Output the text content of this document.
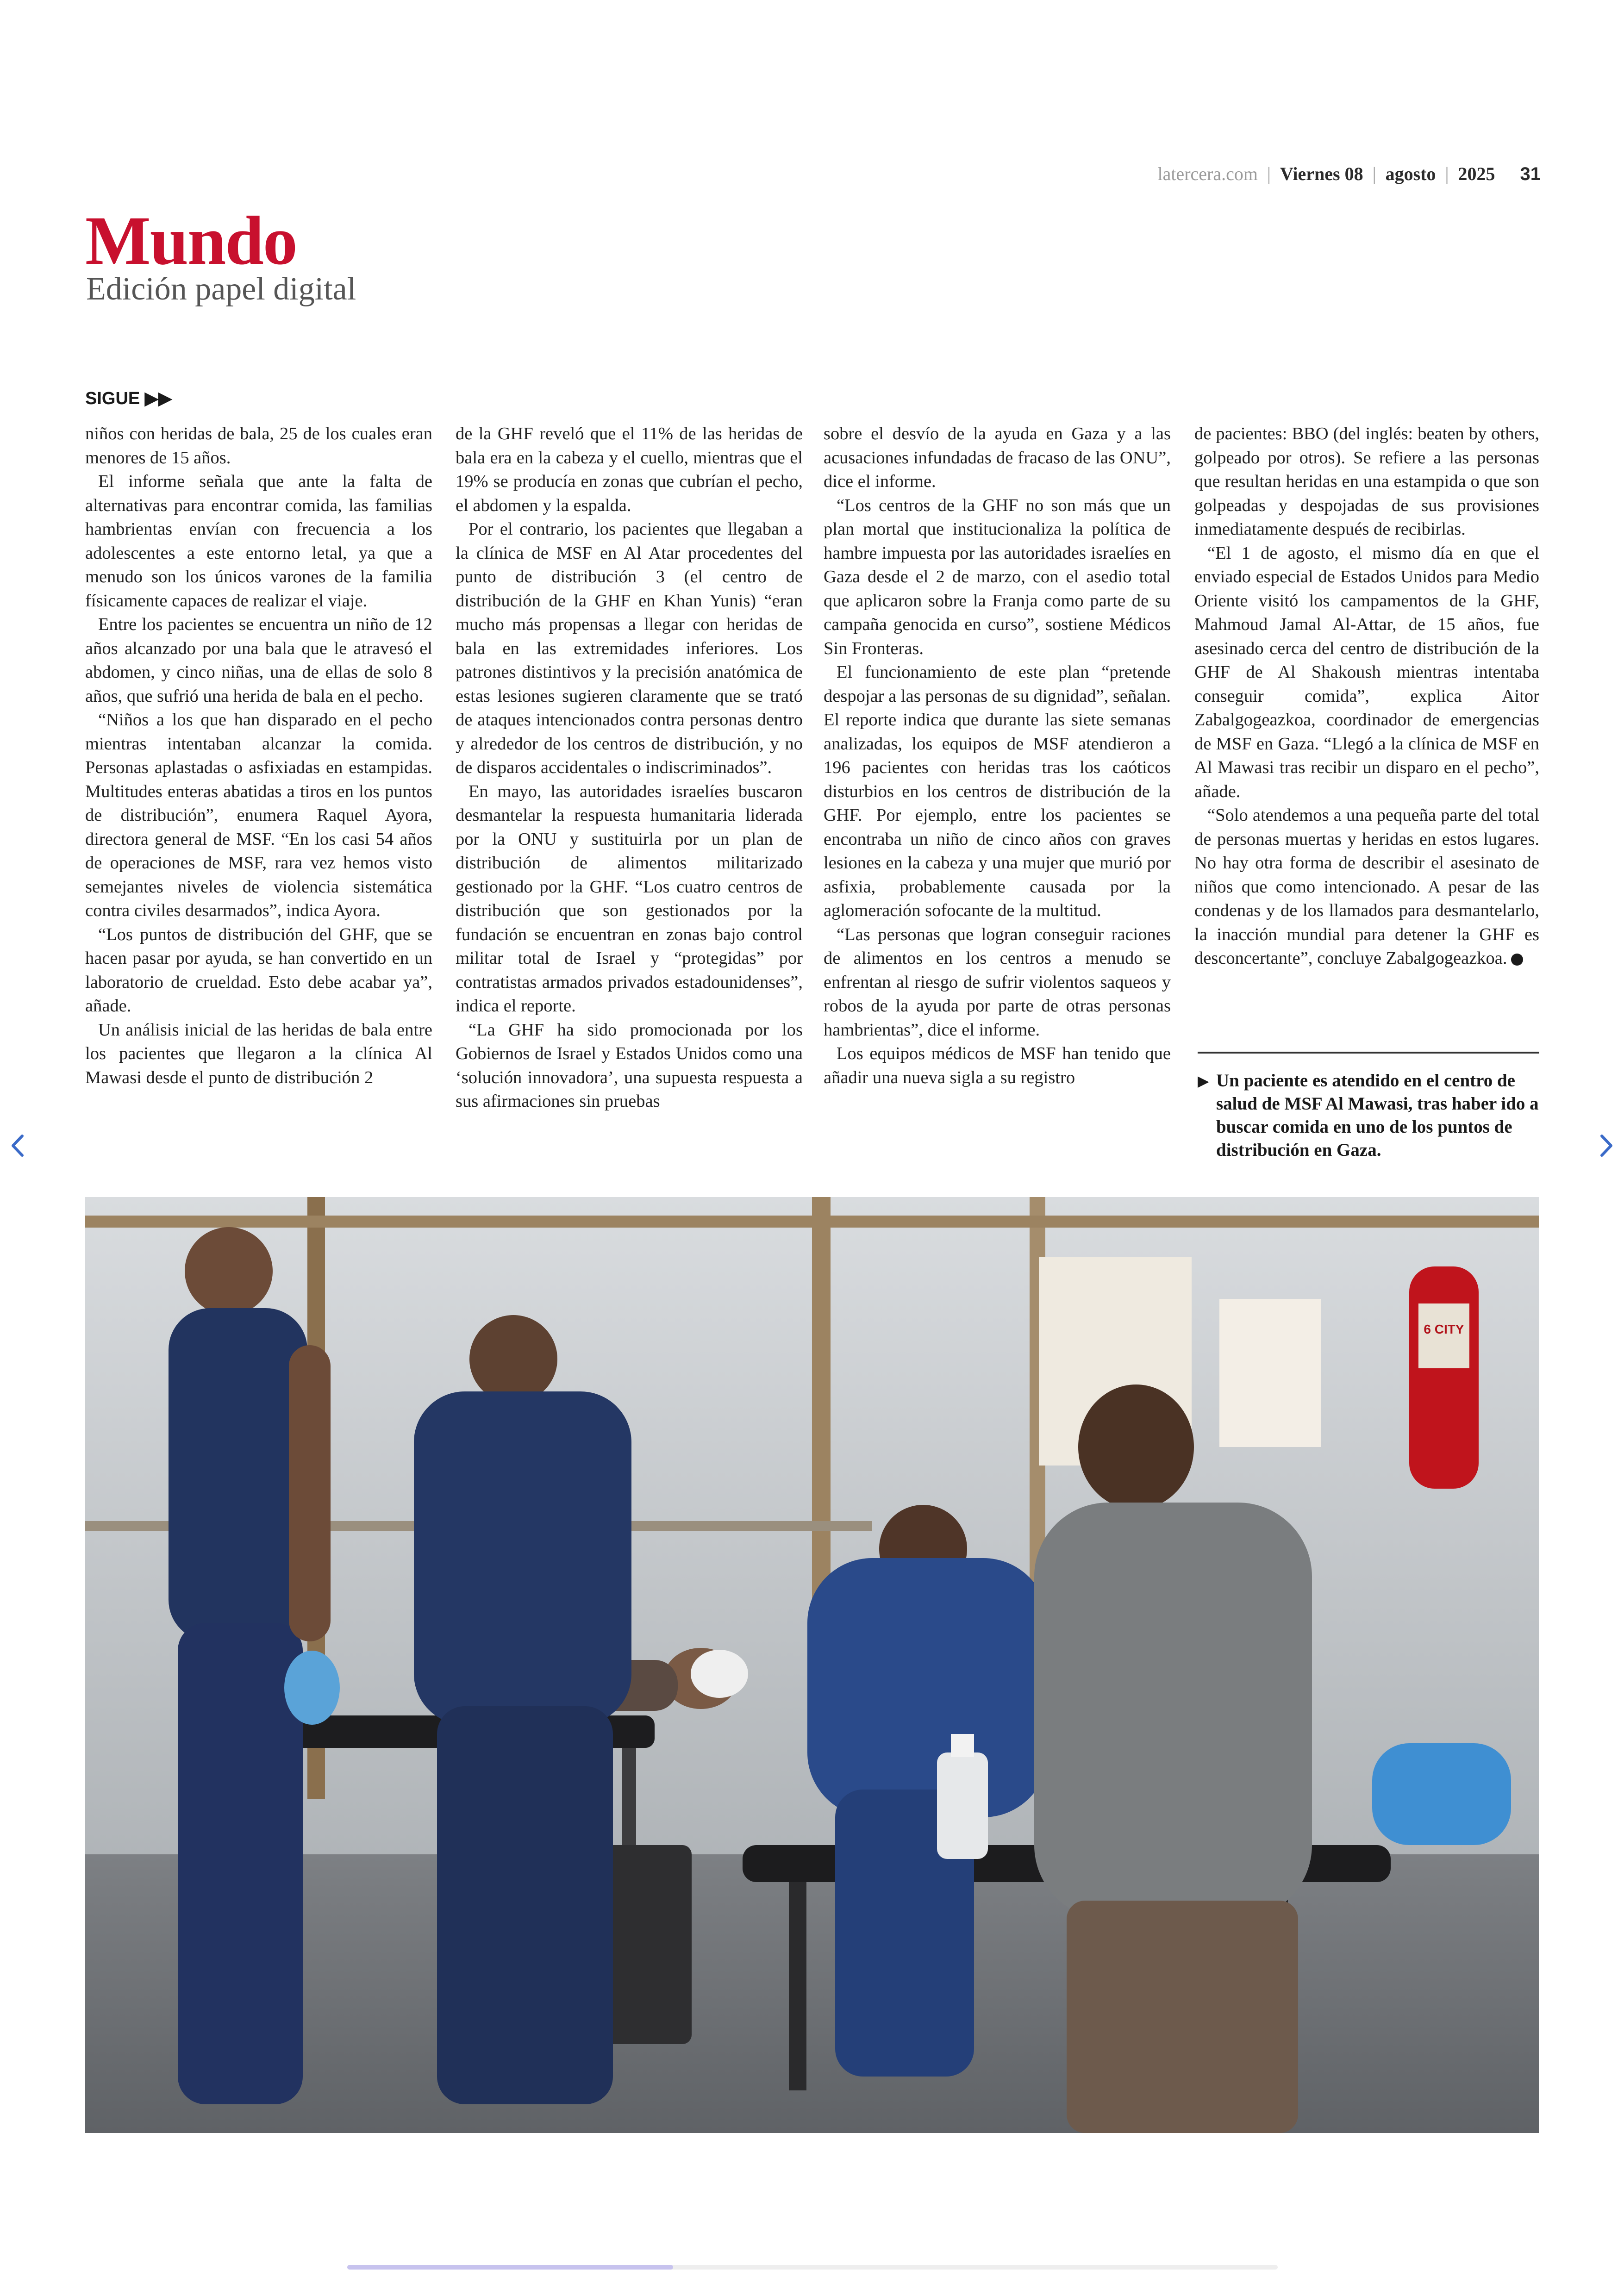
latercera.com | Viernes 08 | agosto | 2025 31
Mundo
Edición papel digital
SIGUE ▶▶

niños con heridas de bala, 25 de los cuales eran menores de 15 años.

El informe señala que ante la falta de alternativas para encontrar comida, las familias hambrientas envían con frecuencia a los adolescentes a este entorno letal, ya que a menudo son los únicos varones de la familia físicamente capaces de realizar el viaje.

Entre los pacientes se encuentra un niño de 12 años alcanzado por una bala que le atravesó el abdomen, y cinco niñas, una de ellas de solo 8 años, que sufrió una herida de bala en el pecho.

“Niños a los que han disparado en el pecho mientras intentaban alcanzar la comida. Personas aplastadas o asfixiadas en estampidas. Multitudes enteras abatidas a tiros en los puntos de distribución”, enumera Raquel Ayora, directora general de MSF. “En los casi 54 años de operaciones de MSF, rara vez hemos visto semejantes niveles de violencia sistemática contra civiles desarmados”, indica Ayora.

“Los puntos de distribución del GHF, que se hacen pasar por ayuda, se han convertido en un laboratorio de crueldad. Esto debe acabar ya”, añade.

Un análisis inicial de las heridas de bala entre los pacientes que llegaron a la clínica Al Mawasi desde el punto de distribución 2

de la GHF reveló que el 11% de las heridas de bala era en la cabeza y el cuello, mientras que el 19% se producía en zonas que cubrían el pecho, el abdomen y la espalda.

Por el contrario, los pacientes que llegaban a la clínica de MSF en Al Atar procedentes del punto de distribución 3 (el centro de distribución de la GHF en Khan Yunis) “eran mucho más propensas a llegar con heridas de bala en las extremidades inferiores. Los patrones distintivos y la precisión anatómica de estas lesiones sugieren claramente que se trató de ataques intencionados contra personas dentro y alrededor de los centros de distribución, y no de disparos accidentales o indiscriminados”.

En mayo, las autoridades israelíes buscaron desmantelar la respuesta humanitaria liderada por la ONU y sustituirla por un plan de distribución de alimentos militarizado gestionado por la GHF. “Los cuatro centros de distribución que son gestionados por la fundación se encuentran en zonas bajo control militar total de Israel y “protegidas” por contratistas armados privados estadounidenses”, indica el reporte.

“La GHF ha sido promocionada por los Gobiernos de Israel y Estados Unidos como una ‘solución innovadora’, una supuesta respuesta a sus afirmaciones sin pruebas

sobre el desvío de la ayuda en Gaza y a las acusaciones infundadas de fracaso de las ONU”, dice el informe.

“Los centros de la GHF no son más que un plan mortal que institucionaliza la política de hambre impuesta por las autoridades israelíes en Gaza desde el 2 de marzo, con el asedio total que aplicaron sobre la Franja como parte de su campaña genocida en curso”, sostiene Médicos Sin Fronteras.

El funcionamiento de este plan “pretende despojar a las personas de su dignidad”, señalan. El reporte indica que durante las siete semanas analizadas, los equipos de MSF atendieron a 196 pacientes con heridas tras los caóticos disturbios en los centros de distribución de la GHF. Por ejemplo, entre los pacientes se encontraba un niño de cinco años con graves lesiones en la cabeza y una mujer que murió por asfixia, probablemente causada por la aglomeración sofocante de la multitud.

“Las personas que logran conseguir raciones de alimentos en los centros a menudo se enfrentan al riesgo de sufrir violentos saqueos y robos de la ayuda por parte de otras personas hambrientas”, dice el informe.

Los equipos médicos de MSF han tenido que añadir una nueva sigla a su registro

de pacientes: BBO (del inglés: beaten by others, golpeado por otros). Se refiere a las personas que resultan heridas en una estampida o que son golpeadas y despojadas de sus provisiones inmediatamente después de recibirlas.

“El 1 de agosto, el mismo día en que el enviado especial de Estados Unidos para Medio Oriente visitó los campamentos de la GHF, Mahmoud Jamal Al-Attar, de 15 años, fue asesinado cerca del centro de distribución de la GHF de Al Shakoush mientras intentaba conseguir comida”, explica Aitor Zabalgogeazkoa, coordinador de emergencias de MSF en Gaza. “Llegó a la clínica de MSF en Al Mawasi tras recibir un disparo en el pecho”, añade.

“Solo atendemos a una pequeña parte del total de personas muertas y heridas en estos lugares. No hay otra forma de describir el asesinato de niños que como intencionado. A pesar de las condenas y de los llamados para desmantelarlo, la inacción mundial para detener la GHF es desconcertante”, concluye Zabalgogeazkoa.

▶ Un paciente es atendido en el centro de salud de MSF Al Mawasi, tras haber ido a buscar comida en uno de los puntos de distribución en Gaza.
6 CITY
